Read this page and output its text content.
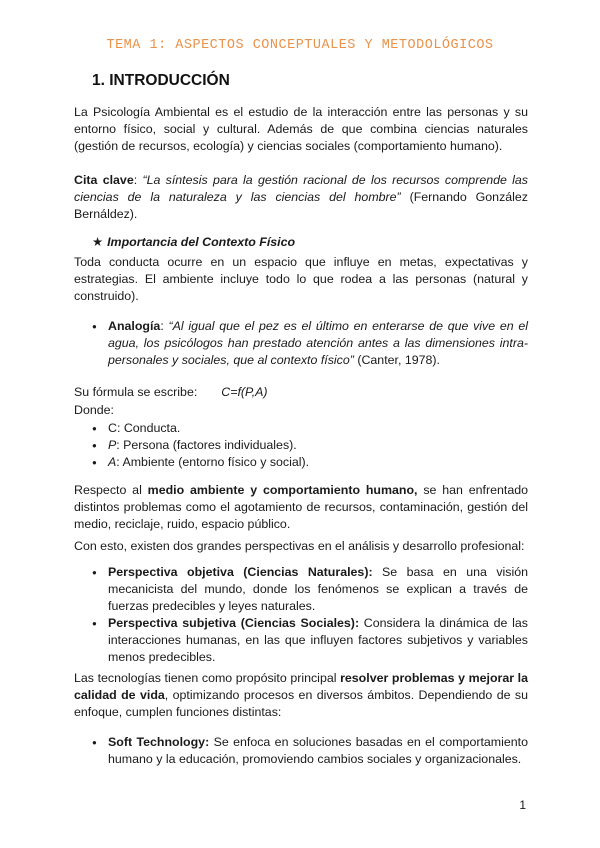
TEMA 1: ASPECTOS CONCEPTUALES Y METODOLÓGICOS
1. INTRODUCCIÓN
La Psicología Ambiental es el estudio de la interacción entre las personas y su entorno físico, social y cultural. Además de que combina ciencias naturales (gestión de recursos, ecología) y ciencias sociales (comportamiento humano).
Cita clave: “La síntesis para la gestión racional de los recursos comprende las ciencias de la naturaleza y las ciencias del hombre” (Fernando González Bernáldez).
★ Importancia del Contexto Físico
Toda conducta ocurre en un espacio que influye en metas, expectativas y estrategias. El ambiente incluye todo lo que rodea a las personas (natural y construido).
● Analogía: “Al igual que el pez es el último en enterarse de que vive en el agua, los psicólogos han prestado atención antes a las dimensiones intra-personales y sociales, que al contexto físico” (Canter, 1978).
Su fórmula se escribe: C=f(P,A)
Donde:
● C: Conducta.
● P: Persona (factores individuales).
● A: Ambiente (entorno físico y social).
Respecto al medio ambiente y comportamiento humano, se han enfrentado distintos problemas como el agotamiento de recursos, contaminación, gestión del medio, reciclaje, ruido, espacio público.
Con esto, existen dos grandes perspectivas en el análisis y desarrollo profesional:
● Perspectiva objetiva (Ciencias Naturales): Se basa en una visión mecanicista del mundo, donde los fenómenos se explican a través de fuerzas predecibles y leyes naturales.
● Perspectiva subjetiva (Ciencias Sociales): Considera la dinámica de las interacciones humanas, en las que influyen factores subjetivos y variables menos predecibles.
Las tecnologías tienen como propósito principal resolver problemas y mejorar la calidad de vida, optimizando procesos en diversos ámbitos. Dependiendo de su enfoque, cumplen funciones distintas:
● Soft Technology: Se enfoca en soluciones basadas en el comportamiento humano y la educación, promoviendo cambios sociales y organizacionales.
1
